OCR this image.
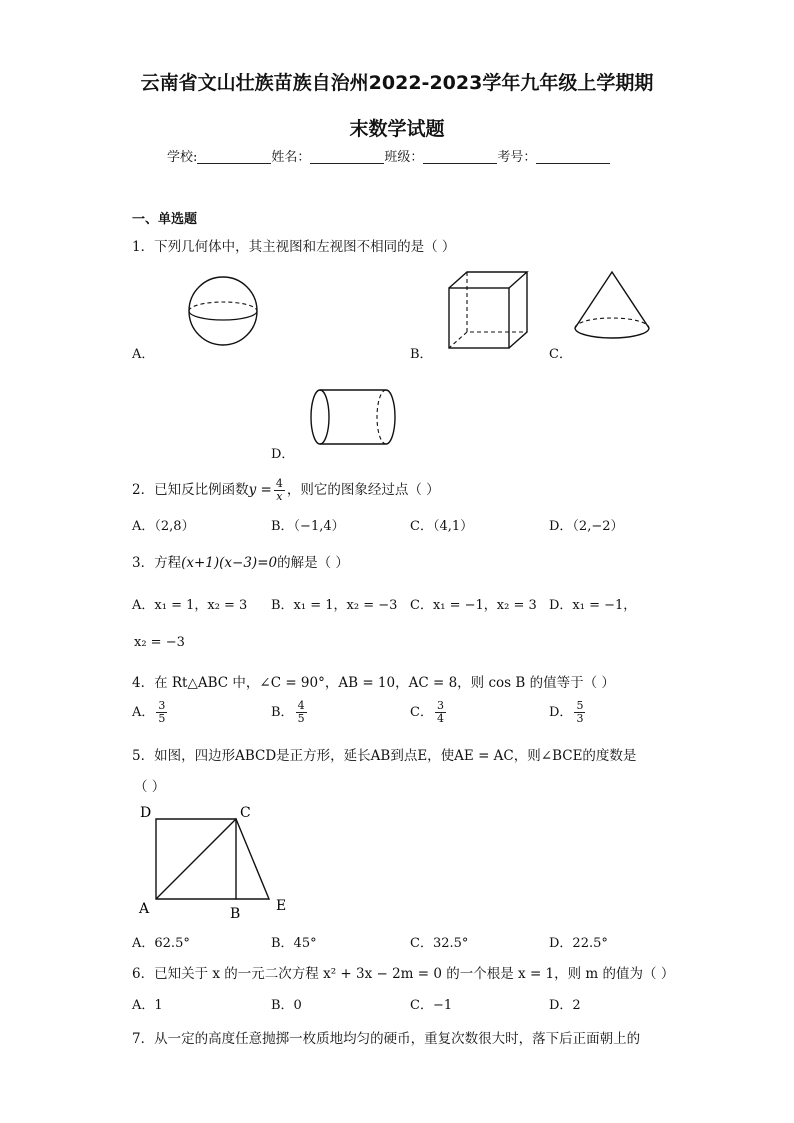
云南省文山壮族苗族自治州2022-2023学年九年级上学期期
末数学试题
学校:	姓名：	班级：	考号：
一、单选题
1．下列几何体中，其主视图和左视图不相同的是（ ）
A．	B．	C．
D．
2．已知反比例函数$y = \frac{4}{x}$ ，则它的图象经过点（ ）
A．（2,8）	B．（−1,4）	C．（4,1）	D．（2,−2）
3．方程(x+1)(x−3)=0的解是（ ）
A．x₁ = 1，x₂ = 3 B．x₁ = 1，x₂ = −3 C．x₁ = −1，x₂ = 3 D．x₁ = −1，
x₂ = −3
4．在 Rt△ABC 中，∠C = 90°，AB = 10，AC = 8，则 cos B 的值等于（ ）
A． $\frac{3}{5}$	B． $\frac{4}{5}$	C． $\frac{3}{4}$	D． $\frac{5}{3}$
5．如图，四边形ABCD是正方形，延长AB到点E，使AE = AC，则∠BCE的度数是
（ ）
D	C
A	B	E
A．62.5°	B．45°	C．32.5°	D．22.5°
6．已知关于 x 的一元二次方程 x² + 3x − 2m = 0 的一个根是 x = 1，则 m 的值为（ ）
A．1	B．0	C．−1	D．2
7．从一定的高度任意抛掷一枚质地均匀的硬币，重复次数很大时，落下后正面朝上的
